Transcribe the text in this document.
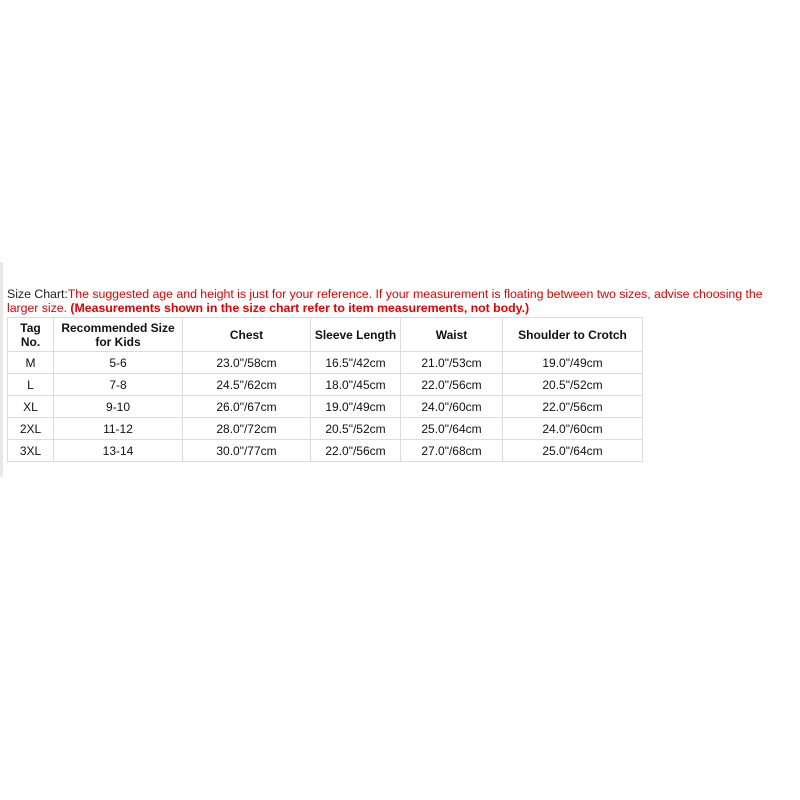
Size Chart:The suggested age and height is just for your reference. If your measurement is floating between two sizes, advise choosing the larger size. (Measurements shown in the size chart refer to item measurements, not body.)
Tag No.	Recommended Size for Kids	Chest	Sleeve Length	Waist	Shoulder to Crotch
M	5-6	23.0"/58cm	16.5"/42cm	21.0"/53cm	19.0"/49cm
L	7-8	24.5"/62cm	18.0"/45cm	22.0"/56cm	20.5"/52cm
XL	9-10	26.0"/67cm	19.0"/49cm	24.0"/60cm	22.0"/56cm
2XL	11-12	28.0"/72cm	20.5"/52cm	25.0"/64cm	24.0"/60cm
3XL	13-14	30.0"/77cm	22.0"/56cm	27.0"/68cm	25.0"/64cm
